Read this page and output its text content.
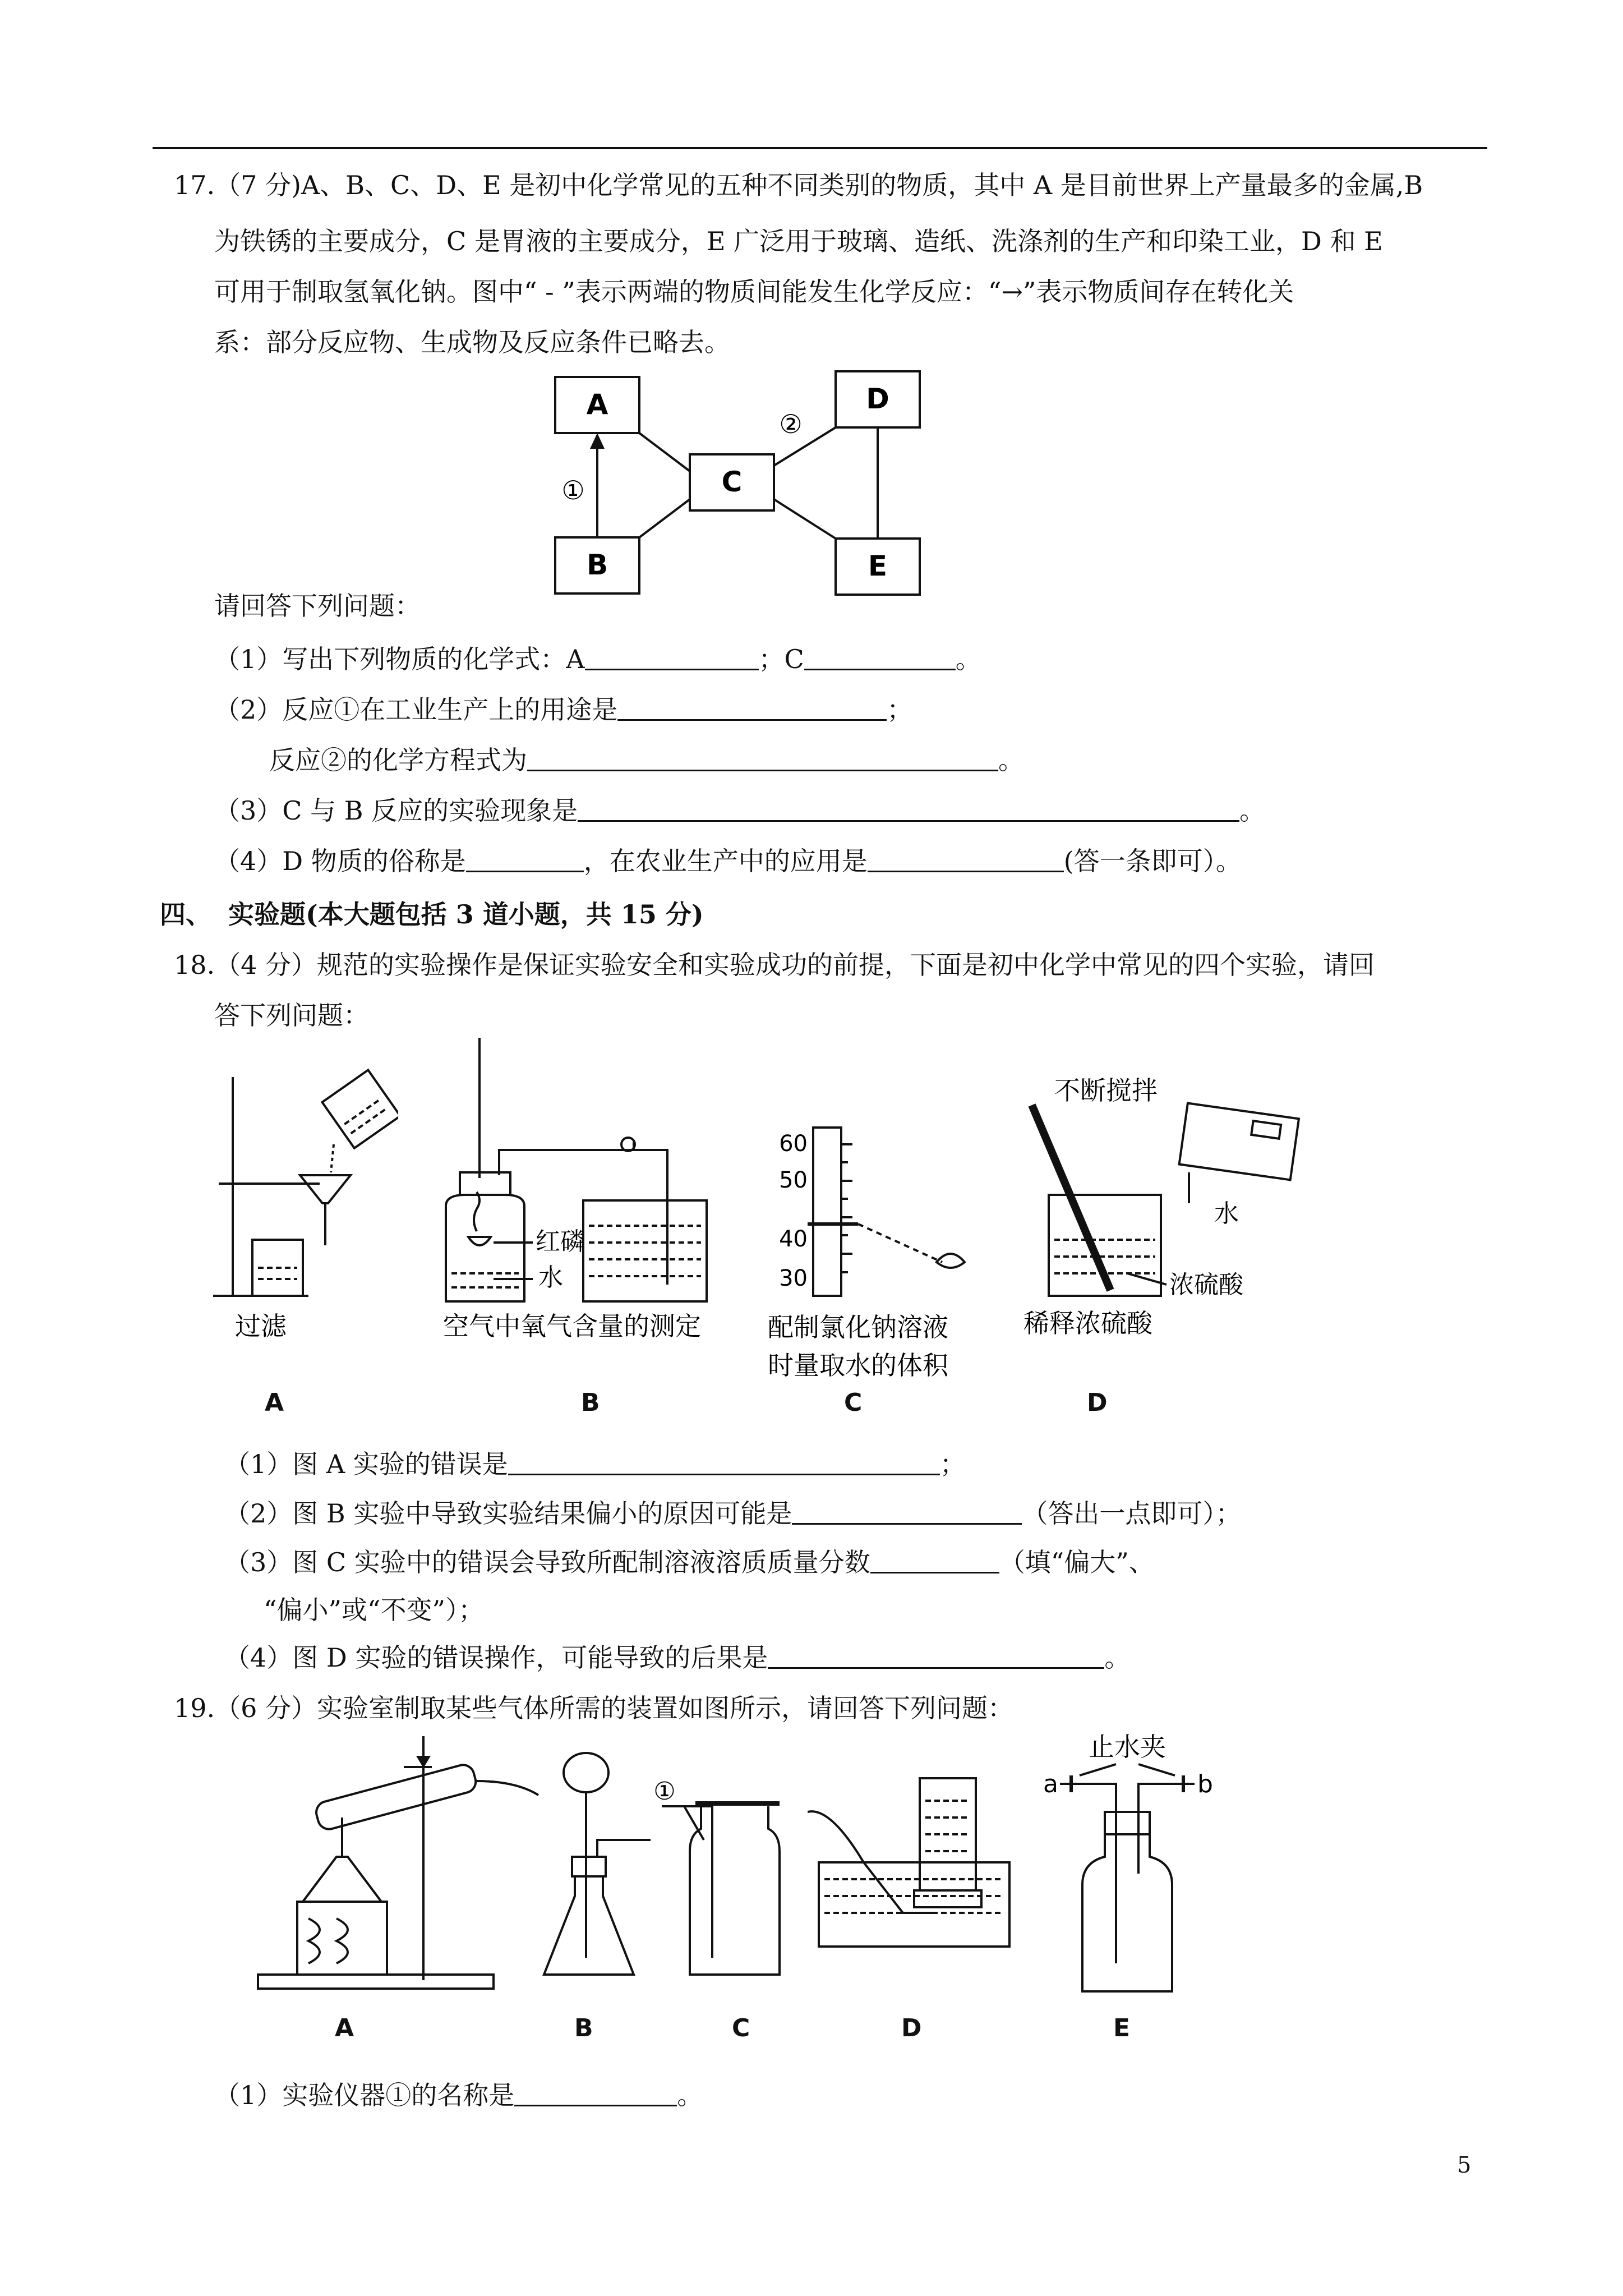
17.（7 分)A、B、C、D、E 是初中化学常见的五种不同类别的物质，其中 A 是目前世界上产量最多的金属,B
为铁锈的主要成分，C 是胃液的主要成分，E 广泛用于玻璃、造纸、洗涤剂的生产和印染工业，D 和 E
可用于制取氢氧化钠。图中“ - ”表示两端的物质间能发生化学反应：“→”表示物质间存在转化关
系：部分反应物、生成物及反应条件已略去。
A	D
C
B	E
①
②
请回答下列问题：
（1）写出下列物质的化学式：A	；C	。
（2）反应①在工业生产上的用途是	；
反应②的化学方程式为	。
（3）C 与 B 反应的实验现象是	。
（4）D 物质的俗称是	，在农业生产中的应用是	(答一条即可）。
四、 实验题(本大题包括 3 道小题，共 15 分)
18.（4 分）规范的实验操作是保证实验安全和实验成功的前提，下面是初中化学中常见的四个实验，请回
答下列问题：
过滤
红磷
水
空气中氧气含量的测定
60
50
40
30
配制氯化钠溶液
时量取水的体积
不断搅拌
水
浓硫酸
稀释浓硫酸
A	B	C	D
（1）图 A 实验的错误是	；
（2）图 B 实验中导致实验结果偏小的原因可能是	（答出一点即可）；
（3）图 C 实验中的错误会导致所配制溶液溶质质量分数	（填“偏大”、
“偏小”或“不变”）；
（4）图 D 实验的错误操作，可能导致的后果是	。
19.（6 分）实验室制取某些气体所需的装置如图所示，请回答下列问题：
①
止水夹
a	b
A	B	C	D	E
（1）实验仪器①的名称是	。
5
